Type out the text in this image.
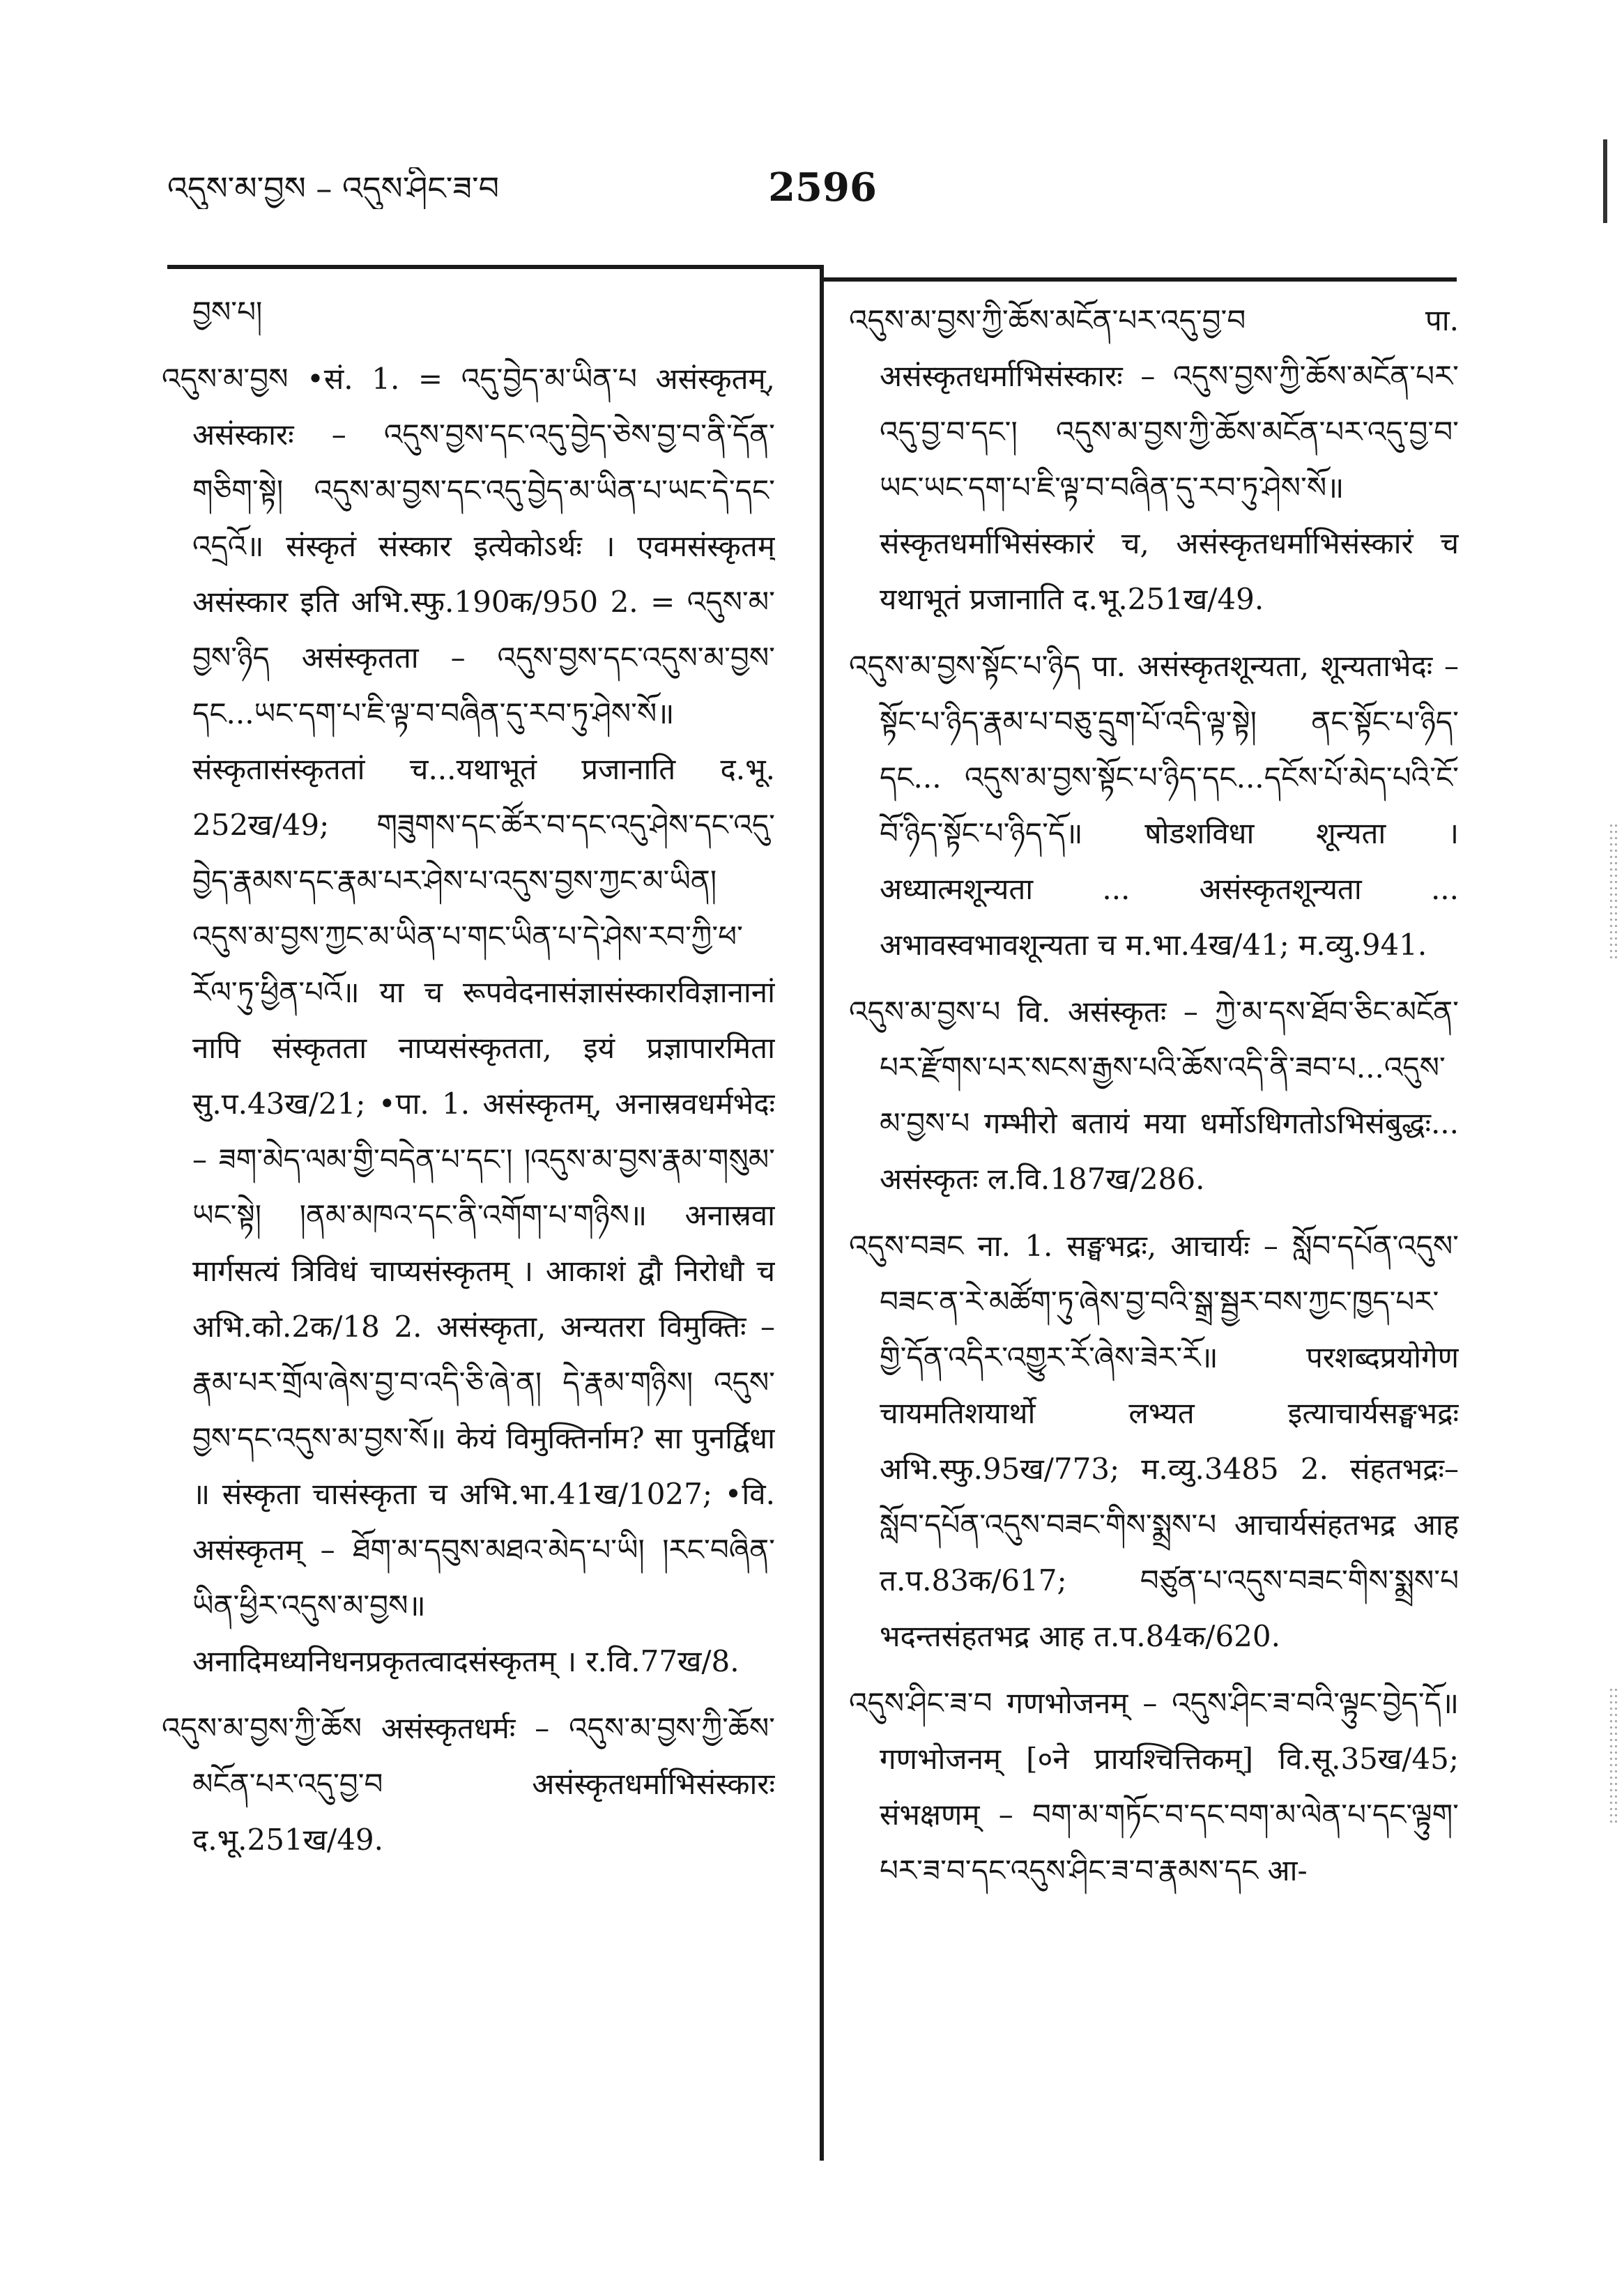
འདུས་མ་བྱས – འདུས་ཤིང་ཟ་བ	2596

བྱས་པ།

འདུས་མ་བྱས •सं. 1. = འདུ་བྱེད་མ་ཡིན་པ असंस्कृतम्, असंस्कारः – འདུས་བྱས་དང་འདུ་བྱེད་ཅེས་བྱ་བ་ནི་དོན་གཅིག་སྟེ། འདུས་མ་བྱས་དང་འདུ་བྱེད་མ་ཡིན་པ་ཡང་དེ་དང་འདྲའོ॥ संस्कृतं संस्कार इत्येकोऽर्थः । एवमसंस्कृतम् असंस्कार इति अभि.स्फु.190क/950 2. = འདུས་མ་བྱས་ཉིད असंस्कृतता – འདུས་བྱས་དང་འདུས་མ་བྱས་དང...ཡང་དག་པ་ཇི་ལྟ་བ་བཞིན་དུ་རབ་ཏུ་ཤེས་སོ॥ संस्कृतासंस्कृततां च...यथाभूतं प्रजानाति द.भू. 252ख/49; གཟུགས་དང་ཚོར་བ་དང་འདུ་ཤེས་དང་འདུ་བྱེད་རྣམས་དང་རྣམ་པར་ཤེས་པ་འདུས་བྱས་ཀྱང་མ་ཡིན། འདུས་མ་བྱས་ཀྱང་མ་ཡིན་པ་གང་ཡིན་པ་དེ་ཤེས་རབ་ཀྱི་ཕ་རོལ་ཏུ་ཕྱིན་པའོ॥ या च रूपवेदनासंज्ञासंस्कारविज्ञानानां नापि संस्कृतता नाप्यसंस्कृतता, इयं प्रज्ञापारमिता सु.प.43ख/21; •पा. 1. असंस्कृतम्, अनास्रवधर्मभेदः – ཟག་མེད་ལམ་གྱི་བདེན་པ་དང་། །འདུས་མ་བྱས་རྣམ་གསུམ་ཡང་སྟེ། །ནམ་མཁའ་དང་ནི་འགོག་པ་གཉིས॥ अनास्रवा मार्गसत्यं त्रिविधं चाप्यसंस्कृतम् । आकाशं द्वौ निरोधौ च अभि.को.2क/18 2. असंस्कृता, अन्यतरा विमुक्तिः – རྣམ་པར་གྲོལ་ཞེས་བྱ་བ་འདི་ཅི་ཞེ་ན། དེ་རྣམ་གཉིས། འདུས་བྱས་དང་འདུས་མ་བྱས་སོ॥ केयं विमुक्तिर्नाम? सा पुनर्द्विधा ॥ संस्कृता चासंस्कृता च अभि.भा.41ख/1027; •वि. असंस्कृतम् – ཐོག་མ་དབུས་མཐའ་མེད་པ་ཡི། །རང་བཞིན་ཡིན་ཕྱིར་འདུས་མ་བྱས॥ अनादिमध्यनिधनप्रकृतत्वादसंस्कृतम् । र.वि.77ख/8.

འདུས་མ་བྱས་ཀྱི་ཆོས असंस्कृतधर्मः – འདུས་མ་བྱས་ཀྱི་ཆོས་མངོན་པར་འདུ་བྱ་བ असंस्कृतधर्माभिसंस्कारः द.भू.251ख/49.

འདུས་མ་བྱས་ཀྱི་ཆོས་མངོན་པར་འདུ་བྱ་བ पा. असंस्कृतधर्माभिसंस्कारः – འདུས་བྱས་ཀྱི་ཆོས་མངོན་པར་འདུ་བྱ་བ་དང་། འདུས་མ་བྱས་ཀྱི་ཆོས་མངོན་པར་འདུ་བྱ་བ་ཡང་ཡང་དག་པ་ཇི་ལྟ་བ་བཞིན་དུ་རབ་ཏུ་ཤེས་སོ॥ संस्कृतधर्माभिसंस्कारं च, असंस्कृतधर्माभिसंस्कारं च यथाभूतं प्रजानाति द.भू.251ख/49.

འདུས་མ་བྱས་སྟོང་པ་ཉིད पा. असंस्कृतशून्यता, शून्यताभेदः – སྟོང་པ་ཉིད་རྣམ་པ་བཅུ་དྲུག་པོ་འདི་ལྟ་སྟེ། ནང་སྟོང་པ་ཉིད་དང... འདུས་མ་བྱས་སྟོང་པ་ཉིད་དང...དངོས་པོ་མེད་པའི་ངོ་བོ་ཉིད་སྟོང་པ་ཉིད་དོ॥ षोडशविधा शून्यता । अध्यात्मशून्यता ... असंस्कृतशून्यता ... अभावस्वभावशून्यता च म.भा.4ख/41; म.व्यु.941.

འདུས་མ་བྱས་པ वि. असंस्कृतः – ཀྱེ་མ་དས་ཐོབ་ཅིང་མངོན་པར་རྫོགས་པར་སངས་རྒྱས་པའི་ཆོས་འདི་ནི་ཟབ་པ...འདུས་མ་བྱས་པ गम्भीरो बतायं मया धर्मोऽधिगतोऽभिसंबुद्धः... असंस्कृतः ल.वि.187ख/286.

འདུས་བཟང ना. 1. सङ्घभद्रः, आचार्यः – སློབ་དཔོན་འདུས་བཟང་ན་རེ་མཚོག་ཏུ་ཞེས་བྱ་བའི་སྒྲ་སྦྱར་བས་ཀྱང་ཁྱད་པར་གྱི་དོན་འདིར་འགྱུར་རོ་ཞེས་ཟེར་རོ॥ परशब्दप्रयोगेण चायमतिशयार्थो लभ्यत इत्याचार्यसङ्घभद्रः अभि.स्फु.95ख/773; म.व्यु.3485 2. संहतभद्रः– སློབ་དཔོན་འདུས་བཟང་གིས་སྨྲས་པ आचार्यसंहतभद्र आह त.प.83क/617; བཙུན་པ་འདུས་བཟང་གིས་སྨྲས་པ भदन्तसंहतभद्र आह त.प.84क/620.

འདུས་ཤིང་ཟ་བ गणभोजनम् – འདུས་ཤིང་ཟ་བའི་ལྟུང་བྱེད་དོ॥ गणभोजनम् [०ने प्रायश्चित्तिकम्] वि.सू.35ख/45; संभक्षणम् – བག་མ་གཏོང་བ་དང་བག་མ་ལེན་པ་དང་ལྟུག་པར་ཟ་བ་དང་འདུས་ཤིང་ཟ་བ་རྣམས་དང आ-
